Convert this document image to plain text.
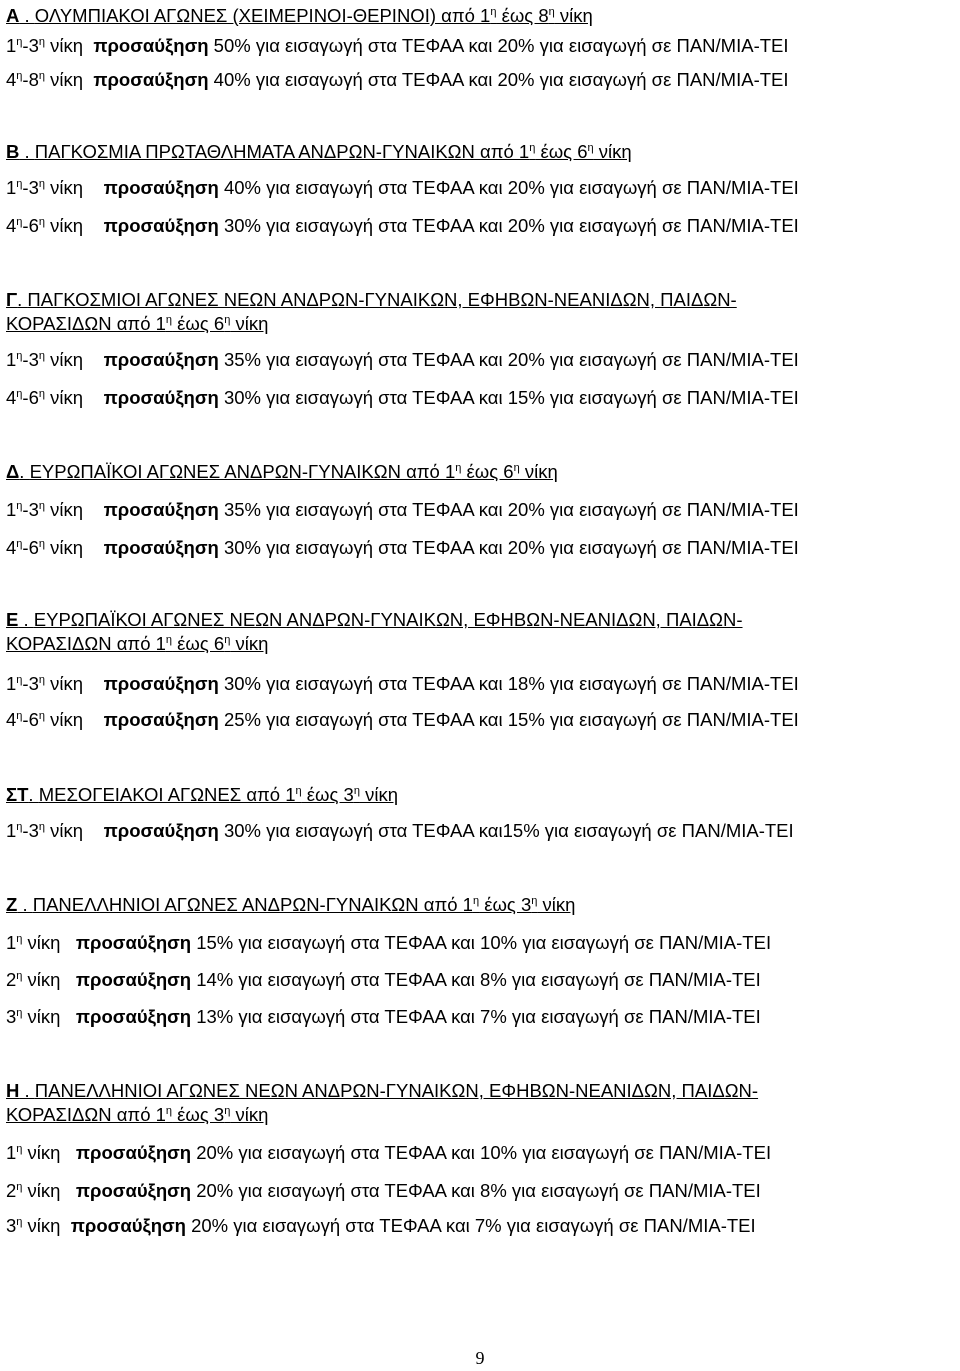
Α . ΟΛΥΜΠΙΑΚΟΙ ΑΓΩΝΕΣ (ΧΕΙΜΕΡΙΝΟΙ-ΘΕΡΙΝΟΙ) από $1^\eta$ έως $8^\eta$ νίκη
$1^\eta-3^\eta$ νίκη  προσαύξηση 50% για εισαγωγή στα ΤΕΦΑΑ και 20% για εισαγωγή σε ΠΑΝ/ΜΙΑ-ΤΕΙ
$4^\eta-8^\eta$ νίκη  προσαύξηση 40% για εισαγωγή στα ΤΕΦΑΑ και 20% για εισαγωγή σε ΠΑΝ/ΜΙΑ-ΤΕΙ
Β . ΠΑΓΚΟΣΜΙΑ ΠΡΩΤΑΘΛΗΜΑΤΑ ΑΝΔΡΩΝ-ΓΥΝΑΙΚΩΝ από $1^\eta$ έως $6^\eta$ νίκη
$1^\eta-3^\eta$ νίκη    προσαύξηση 40% για εισαγωγή στα ΤΕΦΑΑ και 20% για εισαγωγή σε ΠΑΝ/ΜΙΑ-ΤΕΙ
$4^\eta-6^\eta$ νίκη    προσαύξηση 30% για εισαγωγή στα ΤΕΦΑΑ και 20% για εισαγωγή σε ΠΑΝ/ΜΙΑ-ΤΕΙ
Γ. ΠΑΓΚΟΣΜΙΟΙ ΑΓΩΝΕΣ ΝΕΩΝ ΑΝΔΡΩΝ-ΓΥΝΑΙΚΩΝ, ΕΦΗΒΩΝ-ΝΕΑΝΙΔΩΝ, ΠΑΙΔΩΝ-
ΚΟΡΑΣΙΔΩΝ από $1^\eta$ έως $6^\eta$ νίκη
$1^\eta-3^\eta$ νίκη    προσαύξηση 35% για εισαγωγή στα ΤΕΦΑΑ και 20% για εισαγωγή σε ΠΑΝ/ΜΙΑ-ΤΕΙ
$4^\eta-6^\eta$ νίκη    προσαύξηση 30% για εισαγωγή στα ΤΕΦΑΑ και 15% για εισαγωγή σε ΠΑΝ/ΜΙΑ-ΤΕΙ
Δ. ΕΥΡΩΠΑΪΚΟΙ ΑΓΩΝΕΣ ΑΝΔΡΩΝ-ΓΥΝΑΙΚΩΝ από $1^\eta$ έως $6^\eta$ νίκη
$1^\eta-3^\eta$ νίκη    προσαύξηση 35% για εισαγωγή στα ΤΕΦΑΑ και 20% για εισαγωγή σε ΠΑΝ/ΜΙΑ-ΤΕΙ
$4^\eta-6^\eta$ νίκη    προσαύξηση 30% για εισαγωγή στα ΤΕΦΑΑ και 20% για εισαγωγή σε ΠΑΝ/ΜΙΑ-ΤΕΙ
Ε . ΕΥΡΩΠΑΪΚΟΙ ΑΓΩΝΕΣ ΝΕΩΝ ΑΝΔΡΩΝ-ΓΥΝΑΙΚΩΝ, ΕΦΗΒΩΝ-ΝΕΑΝΙΔΩΝ, ΠΑΙΔΩΝ-
ΚΟΡΑΣΙΔΩΝ από $1^\eta$ έως $6^\eta$ νίκη
$1^\eta-3^\eta$ νίκη    προσαύξηση 30% για εισαγωγή στα ΤΕΦΑΑ και 18% για εισαγωγή σε ΠΑΝ/ΜΙΑ-ΤΕΙ
$4^\eta-6^\eta$ νίκη    προσαύξηση 25% για εισαγωγή στα ΤΕΦΑΑ και 15% για εισαγωγή σε ΠΑΝ/ΜΙΑ-ΤΕΙ
ΣΤ. ΜΕΣΟΓΕΙΑΚΟΙ ΑΓΩΝΕΣ από $1^\eta$ έως $3^\eta$ νίκη
$1^\eta-3^\eta$ νίκη    προσαύξηση 30% για εισαγωγή στα ΤΕΦΑΑ και15% για εισαγωγή σε ΠΑΝ/ΜΙΑ-ΤΕΙ
Ζ . ΠΑΝΕΛΛΗΝΙΟΙ ΑΓΩΝΕΣ ΑΝΔΡΩΝ-ΓΥΝΑΙΚΩΝ από $1^\eta$ έως $3^\eta$ νίκη
$1^\eta$ νίκη   προσαύξηση 15% για εισαγωγή στα ΤΕΦΑΑ και 10% για εισαγωγή σε ΠΑΝ/ΜΙΑ-ΤΕΙ
$2^\eta$ νίκη   προσαύξηση 14% για εισαγωγή στα ΤΕΦΑΑ και 8% για εισαγωγή σε ΠΑΝ/ΜΙΑ-ΤΕΙ
$3^\eta$ νίκη   προσαύξηση 13% για εισαγωγή στα ΤΕΦΑΑ και 7% για εισαγωγή σε ΠΑΝ/ΜΙΑ-ΤΕΙ
Η . ΠΑΝΕΛΛΗΝΙΟΙ ΑΓΩΝΕΣ ΝΕΩΝ ΑΝΔΡΩΝ-ΓΥΝΑΙΚΩΝ, ΕΦΗΒΩΝ-ΝΕΑΝΙΔΩΝ, ΠΑΙΔΩΝ-
ΚΟΡΑΣΙΔΩΝ από $1^\eta$ έως $3^\eta$ νίκη
$1^\eta$ νίκη   προσαύξηση 20% για εισαγωγή στα ΤΕΦΑΑ και 10% για εισαγωγή σε ΠΑΝ/ΜΙΑ-ΤΕΙ
$2^\eta$ νίκη   προσαύξηση 20% για εισαγωγή στα ΤΕΦΑΑ και 8% για εισαγωγή σε ΠΑΝ/ΜΙΑ-ΤΕΙ
$3^\eta$ νίκη  προσαύξηση 20% για εισαγωγή στα ΤΕΦΑΑ και 7% για εισαγωγή σε ΠΑΝ/ΜΙΑ-ΤΕΙ
9
